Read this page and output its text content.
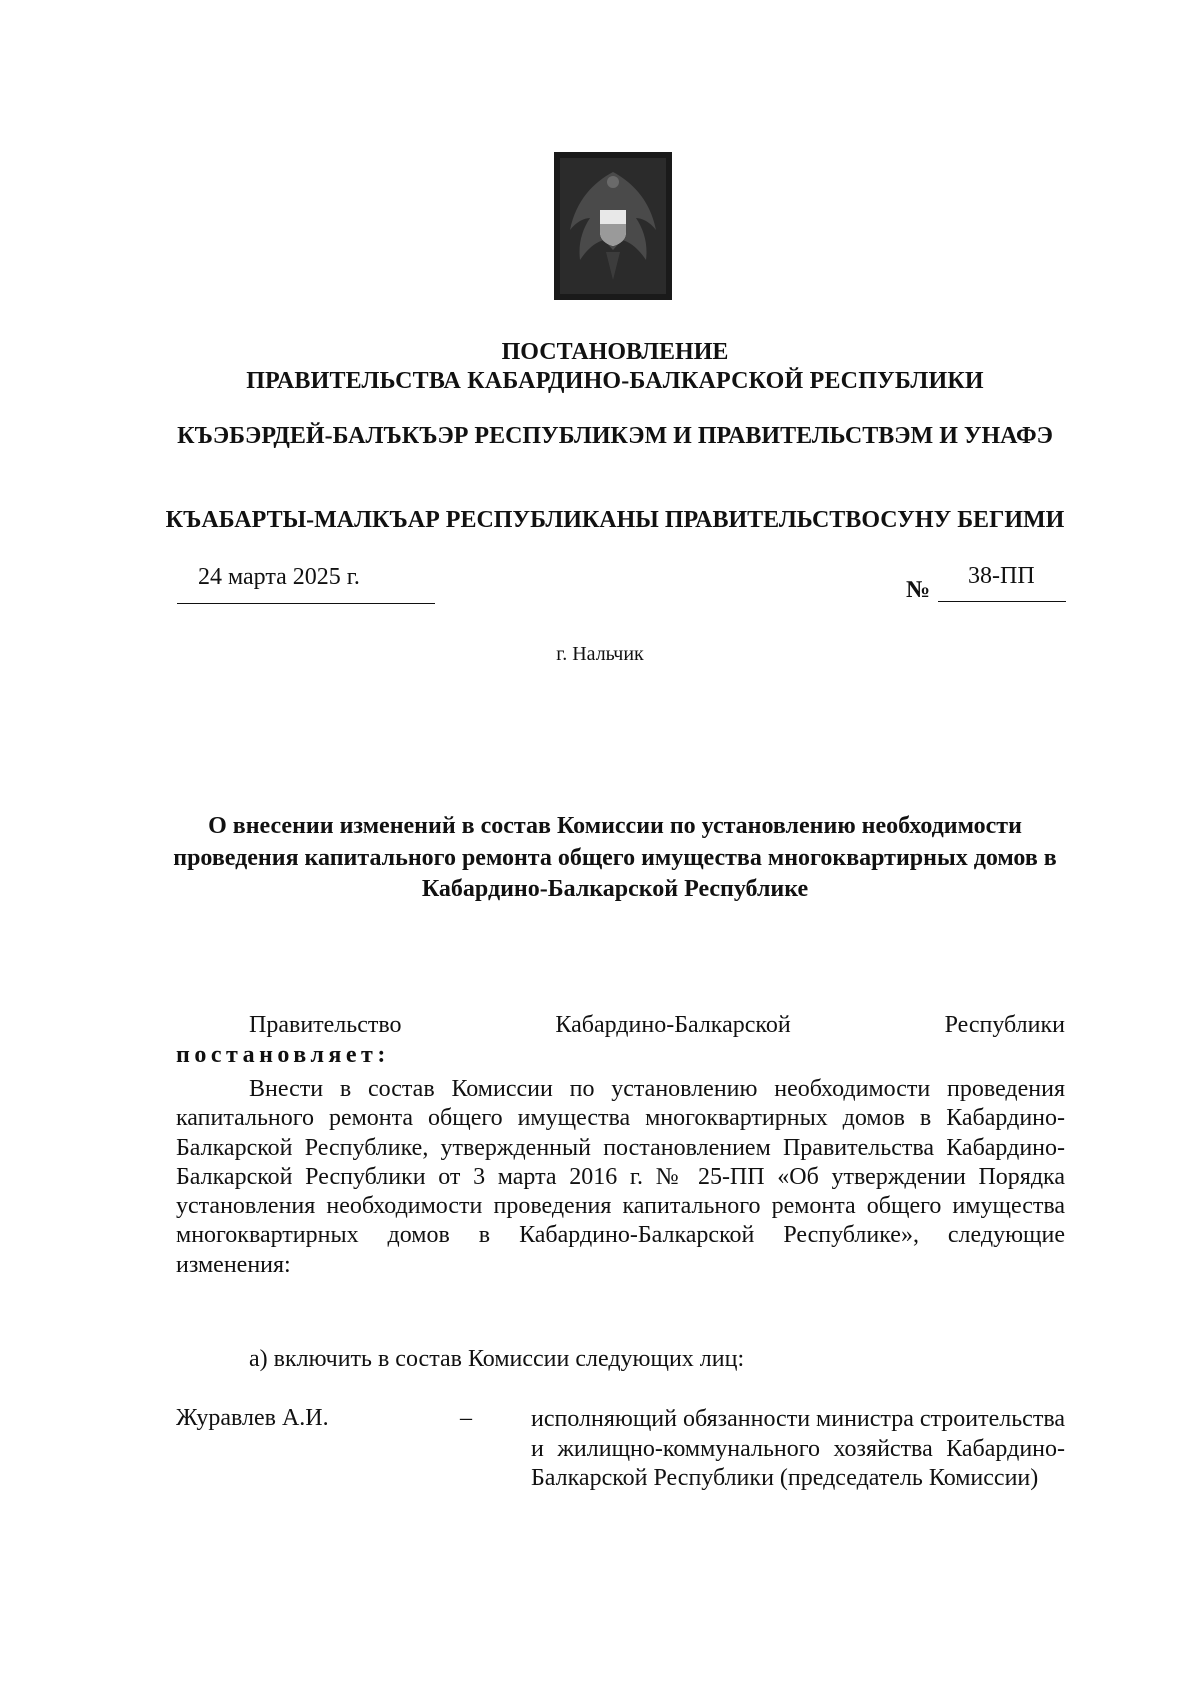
ПОСТАНОВЛЕНИЕ
ПРАВИТЕЛЬСТВА КАБАРДИНО-БАЛКАРСКОЙ РЕСПУБЛИКИ
КЪЭБЭРДЕЙ-БАЛЪКЪЭР РЕСПУБЛИКЭМ И ПРАВИТЕЛЬСТВЭМ И УНАФЭ
КЪАБАРТЫ-МАЛКЪАР РЕСПУБЛИКАНЫ ПРАВИТЕЛЬСТВОСУНУ БЕГИМИ
24 марта 2025 г.	№
38-ПП
г. Нальчик
О внесении изменений в состав Комиссии по установлению необходимости проведения капитального ремонта общего имущества многоквартирных домов в Кабардино-Балкарской Республике
Правительство	Кабардино-Балкарской	Республики
постановляет:
Внести в состав Комиссии по установлению необходимости проведения капитального ремонта общего имущества многоквартирных домов в Кабардино-Балкарской Республике, утвержденный постановлением Правительства Кабардино-Балкарской Республики от 3 марта 2016 г. № 25-ПП «Об утверждении Порядка установления необходимости проведения капитального ремонта общего имущества многоквартирных домов в Кабардино-Балкарской Республике», следующие изменения:
а) включить в состав Комиссии следующих лиц:
Журавлев А.И.	– исполняющий обязанности министра строительства и жилищно-коммунального хозяйства Кабардино-Балкарской Республики (председатель Комиссии)
